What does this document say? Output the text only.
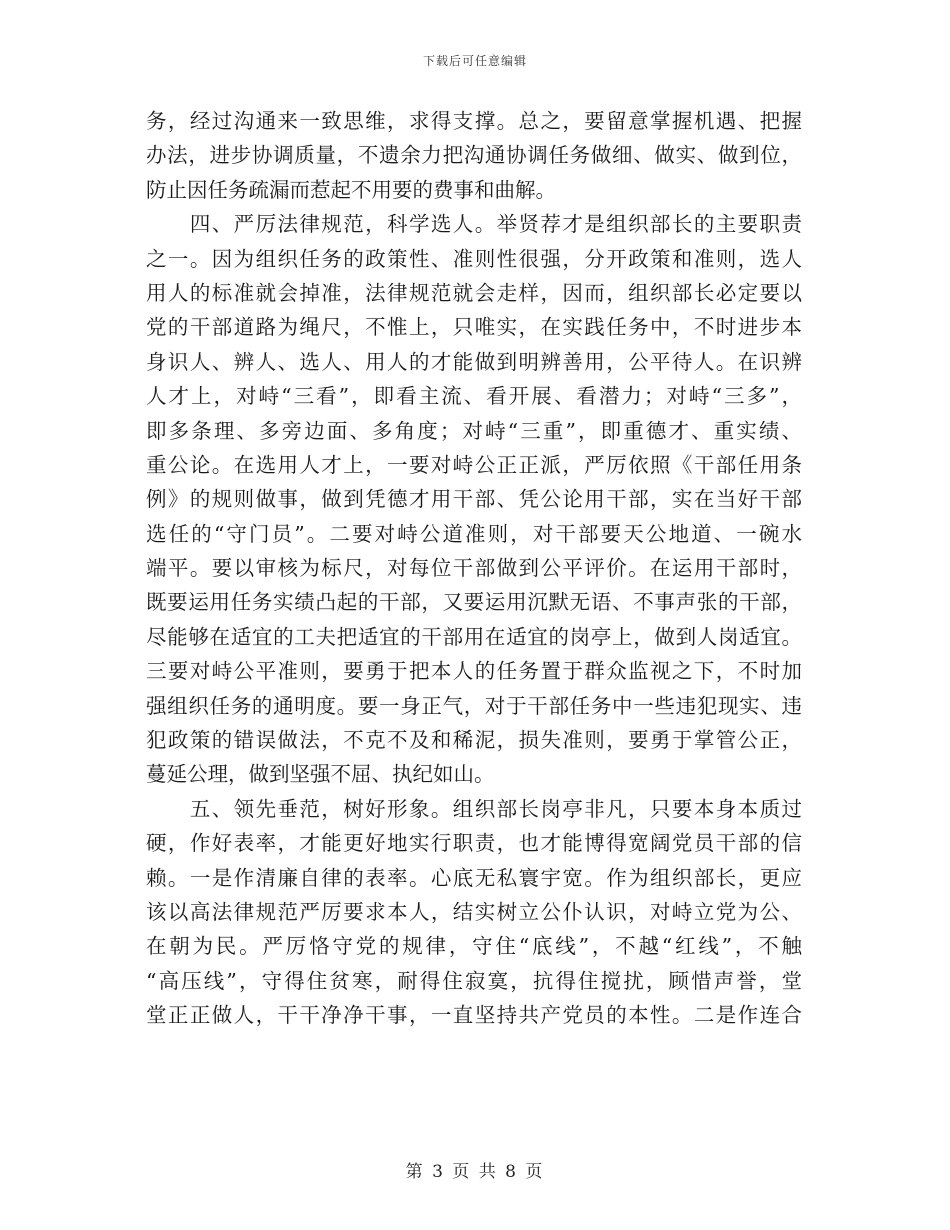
下载后可任意编辑
务，经过沟通来一致思维，求得支撑。总之，要留意掌握机遇、把握
办法，进步协调质量，不遗余力把沟通协调任务做细、做实、做到位，
防止因任务疏漏而惹起不用要的费事和曲解。
　　四、严厉法律规范，科学选人。举贤荐才是组织部长的主要职责
之一。因为组织任务的政策性、准则性很强，分开政策和准则，选人
用人的标准就会掉准，法律规范就会走样，因而，组织部长必定要以
党的干部道路为绳尺，不惟上，只唯实，在实践任务中，不时进步本
身识人、辨人、选人、用人的才能做到明辨善用，公平待人。在识辨
人才上，对峙“三看”，即看主流、看开展、看潜力；对峙“三多”，
即多条理、多旁边面、多角度；对峙“三重”，即重德才、重实绩、
重公论。在选用人才上，一要对峙公正正派，严厉依照《干部任用条
例》的规则做事，做到凭德才用干部、凭公论用干部，实在当好干部
选任的“守门员”。二要对峙公道准则，对干部要天公地道、一碗水
端平。要以审核为标尺，对每位干部做到公平评价。在运用干部时，
既要运用任务实绩凸起的干部，又要运用沉默无语、不事声张的干部，
尽能够在适宜的工夫把适宜的干部用在适宜的岗亭上，做到人岗适宜。
三要对峙公平准则，要勇于把本人的任务置于群众监视之下，不时加
强组织任务的通明度。要一身正气，对于干部任务中一些违犯现实、违
犯政策的错误做法，不克不及和稀泥，损失准则，要勇于掌管公正，
蔓延公理，做到坚强不屈、执纪如山。
　　五、领先垂范，树好形象。组织部长岗亭非凡，只要本身本质过
硬，作好表率，才能更好地实行职责，也才能博得宽阔党员干部的信
赖。一是作清廉自律的表率。心底无私寰宇宽。作为组织部长，更应
该以高法律规范严厉要求本人，结实树立公仆认识，对峙立党为公、
在朝为民。严厉恪守党的规律，守住“底线”，不越“红线”，不触
“高压线”，守得住贫寒，耐得住寂寞，抗得住搅扰，顾惜声誉，堂
堂正正做人，干干净净干事，一直坚持共产党员的本性。二是作连合
第 3 页 共 8 页
